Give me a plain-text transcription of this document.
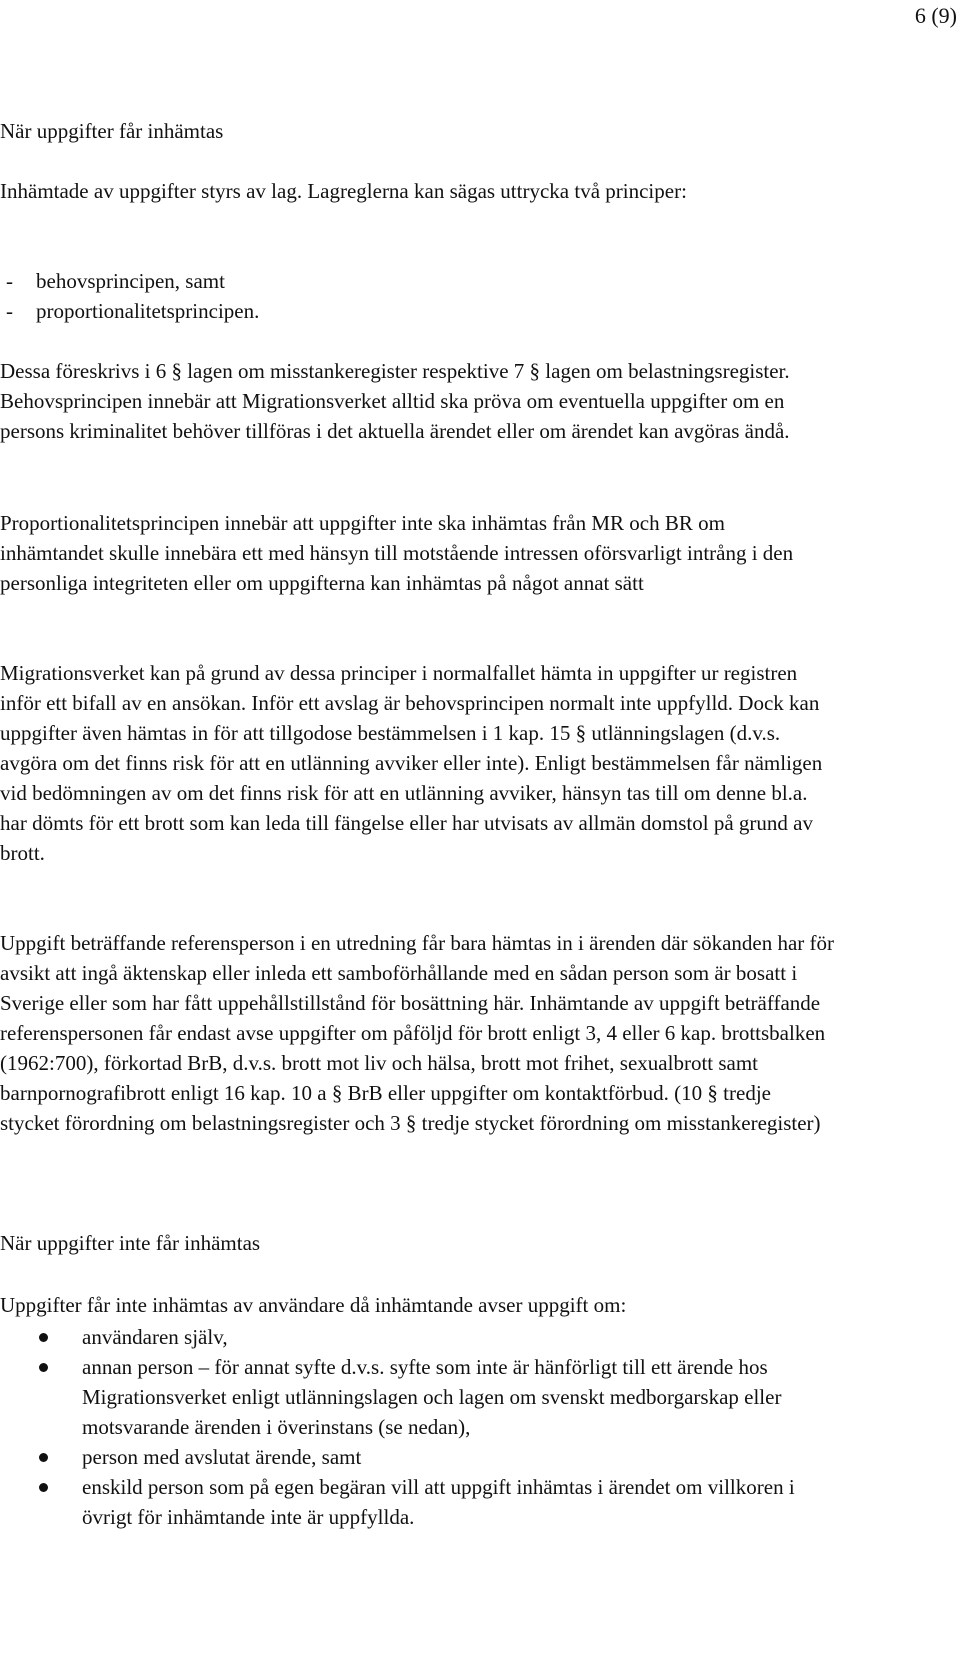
6 (9)
När uppgifter får inhämtas

Inhämtade av uppgifter styrs av lag. Lagreglerna kan sägas uttrycka två principer:

- behovsprincipen, samt
- proportionalitetsprincipen.

Dessa föreskrivs i 6 § lagen om misstankeregister respektive 7 § lagen om belastningsregister. Behovsprincipen innebär att Migrationsverket alltid ska pröva om eventuella uppgifter om en persons kriminalitet behöver tillföras i det aktuella ärendet eller om ärendet kan avgöras ändå.

Proportionalitetsprincipen innebär att uppgifter inte ska inhämtas från MR och BR om inhämtandet skulle innebära ett med hänsyn till motstående intressen oförsvarligt intrång i den personliga integriteten eller om uppgifterna kan inhämtas på något annat sätt

Migrationsverket kan på grund av dessa principer i normalfallet hämta in uppgifter ur registren inför ett bifall av en ansökan. Inför ett avslag är behovsprincipen normalt inte uppfylld. Dock kan uppgifter även hämtas in för att tillgodose bestämmelsen i 1 kap. 15 § utlänningslagen (d.v.s. avgöra om det finns risk för att en utlänning avviker eller inte). Enligt bestämmelsen får nämligen vid bedömningen av om det finns risk för att en utlänning avviker, hänsyn tas till om denne bl.a. har dömts för ett brott som kan leda till fängelse eller har utvisats av allmän domstol på grund av brott.

Uppgift beträffande referensperson i en utredning får bara hämtas in i ärenden där sökanden har för avsikt att ingå äktenskap eller inleda ett samboförhållande med en sådan person som är bosatt i Sverige eller som har fått uppehållstillstånd för bosättning här. Inhämtande av uppgift beträffande referenspersonen får endast avse uppgifter om påföljd för brott enligt 3, 4 eller 6 kap. brottsbalken (1962:700), förkortad BrB, d.v.s. brott mot liv och hälsa, brott mot frihet, sexualbrott samt barnpornografibrott enligt 16 kap. 10 a § BrB eller uppgifter om kontaktförbud. (10 § tredje stycket förordning om belastningsregister och 3 § tredje stycket förordning om misstankeregister)

När uppgifter inte får inhämtas

Uppgifter får inte inhämtas av användare då inhämtande avser uppgift om:

användaren själv,
annan person – för annat syfte d.v.s. syfte som inte är hänförligt till ett ärende hos Migrationsverket enligt utlänningslagen och lagen om svenskt medborgarskap eller motsvarande ärenden i överinstans (se nedan),
person med avslutat ärende, samt
enskild person som på egen begäran vill att uppgift inhämtas i ärendet om villkoren i övrigt för inhämtande inte är uppfyllda.
